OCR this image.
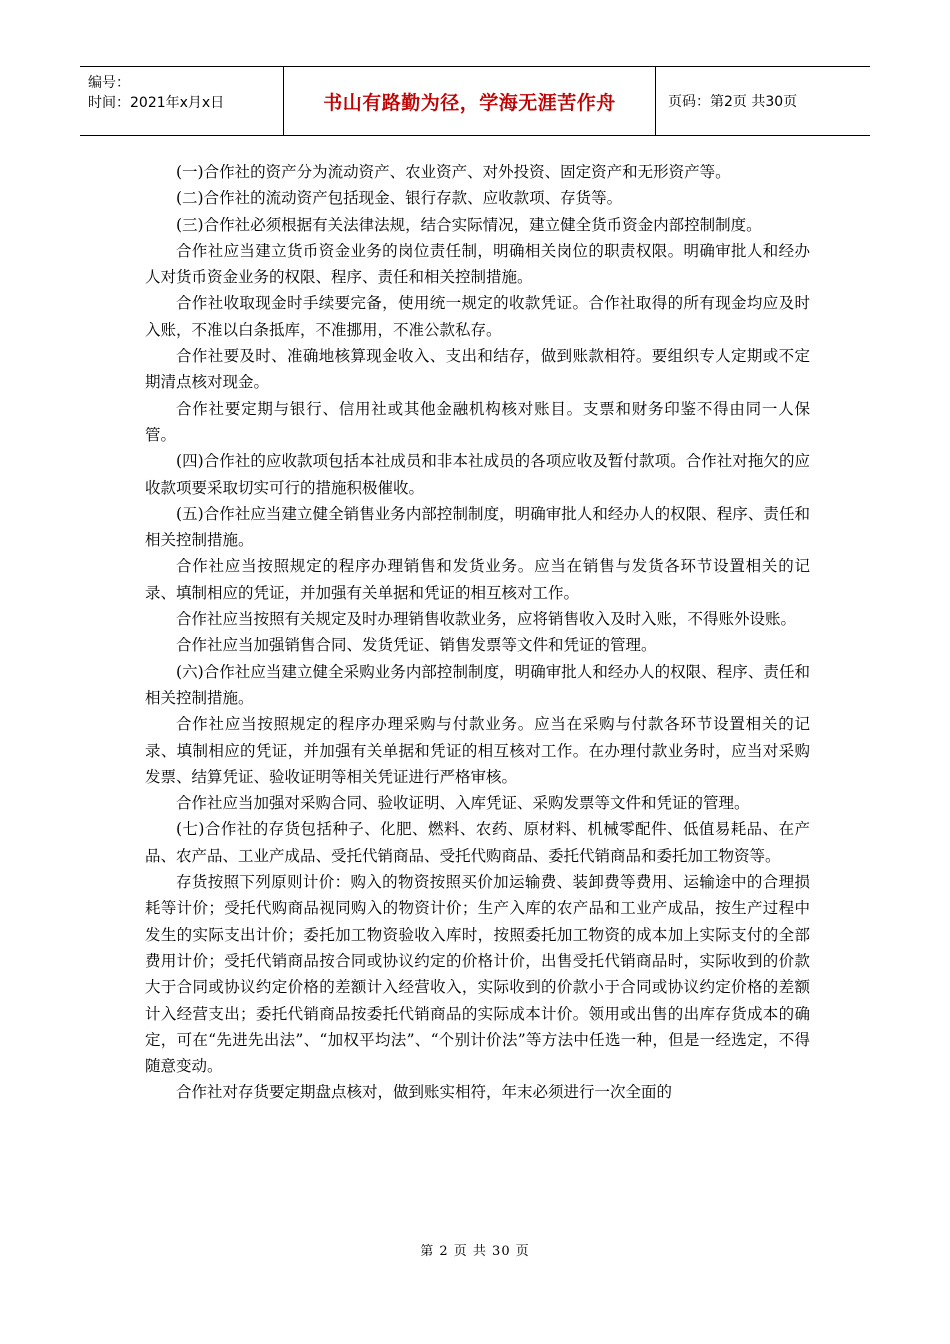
编号：
时间：2021年x月x日	书山有路勤为径，学海无涯苦作舟	页码：第2页 共30页

(一)合作社的资产分为流动资产、农业资产、对外投资、固定资产和无形资产等。

(二)合作社的流动资产包括现金、银行存款、应收款项、存货等。

(三)合作社必须根据有关法律法规，结合实际情况，建立健全货币资金内部控制制度。

合作社应当建立货币资金业务的岗位责任制，明确相关岗位的职责权限。明确审批人和经办人对货币资金业务的权限、程序、责任和相关控制措施。

合作社收取现金时手续要完备，使用统一规定的收款凭证。合作社取得的所有现金均应及时入账，不准以白条抵库，不准挪用，不准公款私存。

合作社要及时、准确地核算现金收入、支出和结存，做到账款相符。要组织专人定期或不定期清点核对现金。

合作社要定期与银行、信用社或其他金融机构核对账目。支票和财务印鉴不得由同一人保管。

(四)合作社的应收款项包括本社成员和非本社成员的各项应收及暂付款项。合作社对拖欠的应收款项要采取切实可行的措施积极催收。

(五)合作社应当建立健全销售业务内部控制制度，明确审批人和经办人的权限、程序、责任和相关控制措施。

合作社应当按照规定的程序办理销售和发货业务。应当在销售与发货各环节设置相关的记录、填制相应的凭证，并加强有关单据和凭证的相互核对工作。

合作社应当按照有关规定及时办理销售收款业务，应将销售收入及时入账，不得账外设账。

合作社应当加强销售合同、发货凭证、销售发票等文件和凭证的管理。

(六)合作社应当建立健全采购业务内部控制制度，明确审批人和经办人的权限、程序、责任和相关控制措施。

合作社应当按照规定的程序办理采购与付款业务。应当在采购与付款各环节设置相关的记录、填制相应的凭证，并加强有关单据和凭证的相互核对工作。在办理付款业务时，应当对采购发票、结算凭证、验收证明等相关凭证进行严格审核。

合作社应当加强对采购合同、验收证明、入库凭证、采购发票等文件和凭证的管理。

(七)合作社的存货包括种子、化肥、燃料、农药、原材料、机械零配件、低值易耗品、在产品、农产品、工业产成品、受托代销商品、受托代购商品、委托代销商品和委托加工物资等。

存货按照下列原则计价：购入的物资按照买价加运输费、装卸费等费用、运输途中的合理损耗等计价；受托代购商品视同购入的物资计价；生产入库的农产品和工业产成品，按生产过程中发生的实际支出计价；委托加工物资验收入库时，按照委托加工物资的成本加上实际支付的全部费用计价；受托代销商品按合同或协议约定的价格计价，出售受托代销商品时，实际收到的价款大于合同或协议约定价格的差额计入经营收入，实际收到的价款小于合同或协议约定价格的差额计入经营支出；委托代销商品按委托代销商品的实际成本计价。领用或出售的出库存货成本的确定，可在“先进先出法”、“加权平均法”、“个别计价法”等方法中任选一种，但是一经选定，不得随意变动。

合作社对存货要定期盘点核对，做到账实相符，年末必须进行一次全面的

第 2 页 共 30 页
